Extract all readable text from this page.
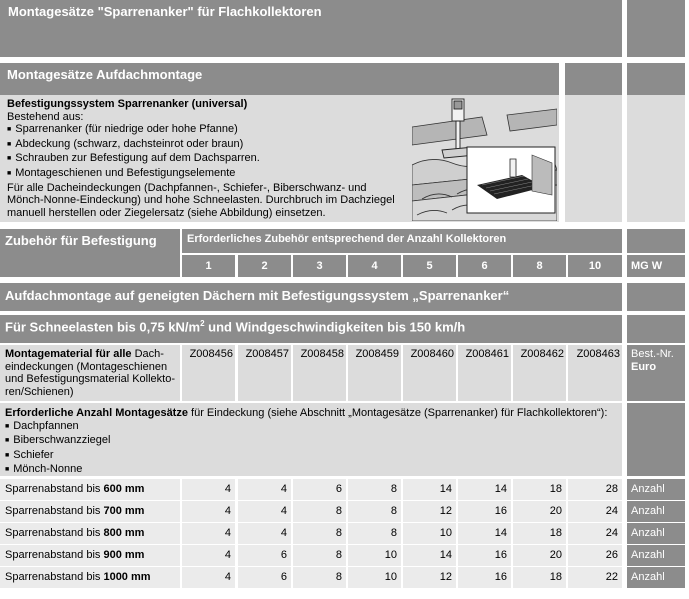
Montagesätze "Sparrenanker" für Flachkollektoren
Montagesätze Aufdachmontage
Befestigungssystem Sparrenanker (universal)
Bestehend aus:
■ Sparrenanker (für niedrige oder hohe Pfanne)
■ Abdeckung (schwarz, dachsteinrot oder braun)
■ Schrauben zur Befestigung auf dem Dachsparren.
■ Montageschienen und Befestigungselemente
Für alle Dacheindeckungen (Dachpfannen-, Schiefer-, Biberschwanz- und
Mönch-Nonne-Eindeckung) und hohe Schneelasten. Durchbruch im Dachziegel
manuell herstellen oder Ziegelersatz (siehe Abbildung) einsetzen.
Zubehör für Befestigung	Erforderliches Zubehör entsprechend der Anzahl Kollektoren
1	2	3	4	5	6	8	10	MG W
Aufdachmontage auf geneigten Dächern mit Befestigungssystem „Sparrenanker“
Für Schneelasten bis 0,75 $kN/m^2$ und Windgeschwindigkeiten bis 150 km/h
Montagematerial für alle Dach-
eindeckungen (Montageschienen
und Befestigungsmaterial Kollekto-
ren/Schienen)
Z008456	Z008457	Z008458	Z008459	Z008460	Z008461	Z008462	Z008463 Best.-Nr.
Euro
Erforderliche Anzahl Montagesätze für Eindeckung (siehe Abschnitt „Montagesätze (Sparrenanker) für Flachkollektoren“):
■ Dachpfannen
■ Biberschwanzziegel
■ Schiefer
■ Mönch-Nonne
Sparrenabstand bis 600 mm	4	4	6	8	14	14	18	28	Anzahl
Sparrenabstand bis 700 mm	4	4	8	8	12	16	20	24	Anzahl
Sparrenabstand bis 800 mm	4	4	8	8	10	14	18	24	Anzahl
Sparrenabstand bis 900 mm	4	6	8	10	14	16	20	26	Anzahl
Sparrenabstand bis 1000 mm	4	6	8	10	12	16	18	22	Anzahl
